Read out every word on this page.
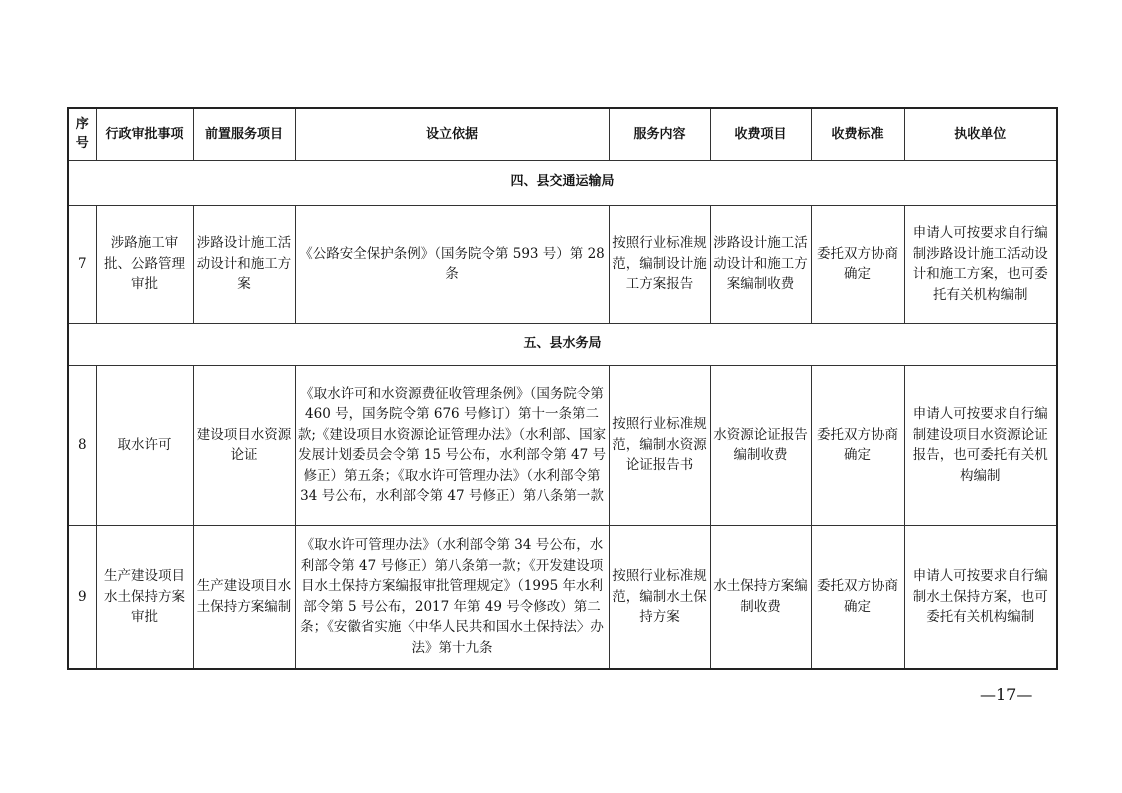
序号	行政审批事项	前置服务项目	设立依据	服务内容	收费项目	收费标准	执收单位
四、县交通运输局							
7	涉路施工审批、公路管理审批	涉路设计施工活动设计和施工方案	《公路安全保护条例》（国务院令第 593 号）第 28 条	按照行业标准规范，编制设计施工方案报告	涉路设计施工活动设计和施工方案编制收费	委托双方协商确定	申请人可按要求自行编制涉路设计施工活动设计和施工方案，也可委托有关机构编制
五、县水务局							
8	取水许可	建设项目水资源论证	《取水许可和水资源费征收管理条例》（国务院令第 460 号，国务院令第 676 号修订）第十一条第二款;《建设项目水资源论证管理办法》（水利部、国家发展计划委员会令第 15 号公布，水利部令第 47 号修正）第五条；《取水许可管理办法》（水利部令第 34 号公布，水利部令第 47 号修正）第八条第一款	按照行业标准规范，编制水资源论证报告书	水资源论证报告编制收费	委托双方协商确定	申请人可按要求自行编制建设项目水资源论证报告，也可委托有关机构编制
9	生产建设项目水土保持方案审批	生产建设项目水土保持方案编制	《取水许可管理办法》（水利部令第 34 号公布，水利部令第 47 号修正）第八条第一款；《开发建设项目水土保持方案编报审批管理规定》（1995 年水利部令第 5 号公布，2017 年第 49 号令修改）第二条；《安徽省实施〈中华人民共和国水土保持法〉办法》第十九条	按照行业标准规范，编制水土保持方案	水土保持方案编制收费	委托双方协商确定	申请人可按要求自行编制水土保持方案，也可委托有关机构编制
—17—
